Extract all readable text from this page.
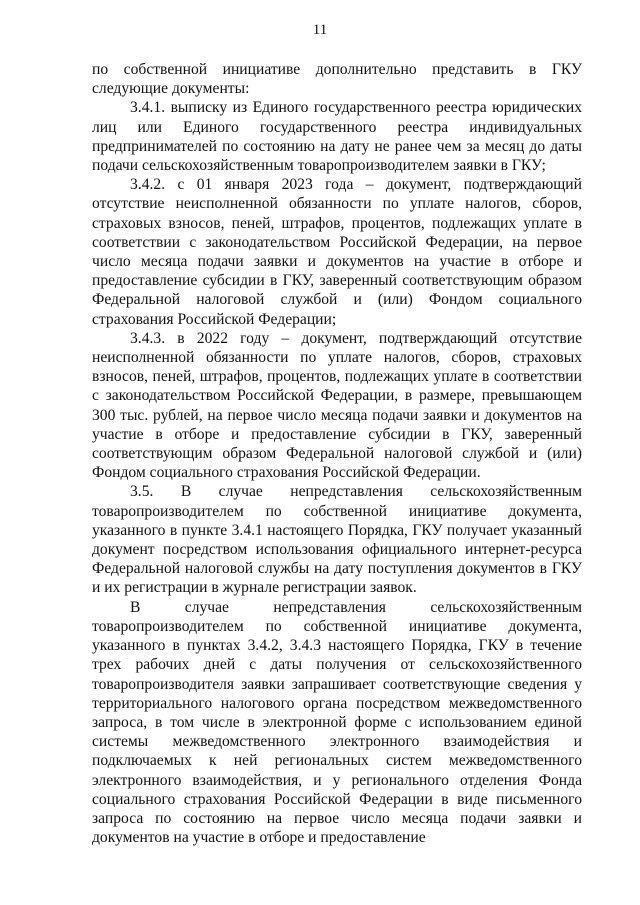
11

по собственной инициативе дополнительно представить в ГКУ следующие документы:

3.4.1. выписку из Единого государственного реестра юридических лиц или Единого государственного реестра индивидуальных предпринимателей по состоянию на дату не ранее чем за месяц до даты подачи сельскохозяйственным товаропроизводителем заявки в ГКУ;

3.4.2. с 01 января 2023 года – документ, подтверждающий отсутствие неисполненной обязанности по уплате налогов, сборов, страховых взносов, пеней, штрафов, процентов, подлежащих уплате в соответствии с законодательством Российской Федерации, на первое число месяца подачи заявки и документов на участие в отборе и предоставление субсидии в ГКУ, заверенный соответствующим образом Федеральной налоговой службой и (или) Фондом социального страхования Российской Федерации;

3.4.3. в 2022 году – документ, подтверждающий отсутствие неисполненной обязанности по уплате налогов, сборов, страховых взносов, пеней, штрафов, процентов, подлежащих уплате в соответствии с законодательством Российской Федерации, в размере, превышающем 300 тыс. рублей, на первое число месяца подачи заявки и документов на участие в отборе и предоставление субсидии в ГКУ, заверенный соответствующим образом Федеральной налоговой службой и (или) Фондом социального страхования Российской Федерации.

3.5. В случае непредставления сельскохозяйственным товаропроизводителем по собственной инициативе документа, указанного в пункте 3.4.1 настоящего Порядка, ГКУ получает указанный документ посредством использования официального интернет-ресурса Федеральной налоговой службы на дату поступления документов в ГКУ и их регистрации в журнале регистрации заявок.

В случае непредставления сельскохозяйственным товаропроизводителем по собственной инициативе документа, указанного в пунктах 3.4.2, 3.4.3 настоящего Порядка, ГКУ в течение трех рабочих дней с даты получения от сельскохозяйственного товаропроизводителя заявки запрашивает соответствующие сведения у территориального налогового органа посредством межведомственного запроса, в том числе в электронной форме с использованием единой системы межведомственного электронного взаимодействия и подключаемых к ней региональных систем межведомственного электронного взаимодействия, и у регионального отделения Фонда социального страхования Российской Федерации в виде письменного запроса по состоянию на первое число месяца подачи заявки и документов на участие в отборе и предоставление
